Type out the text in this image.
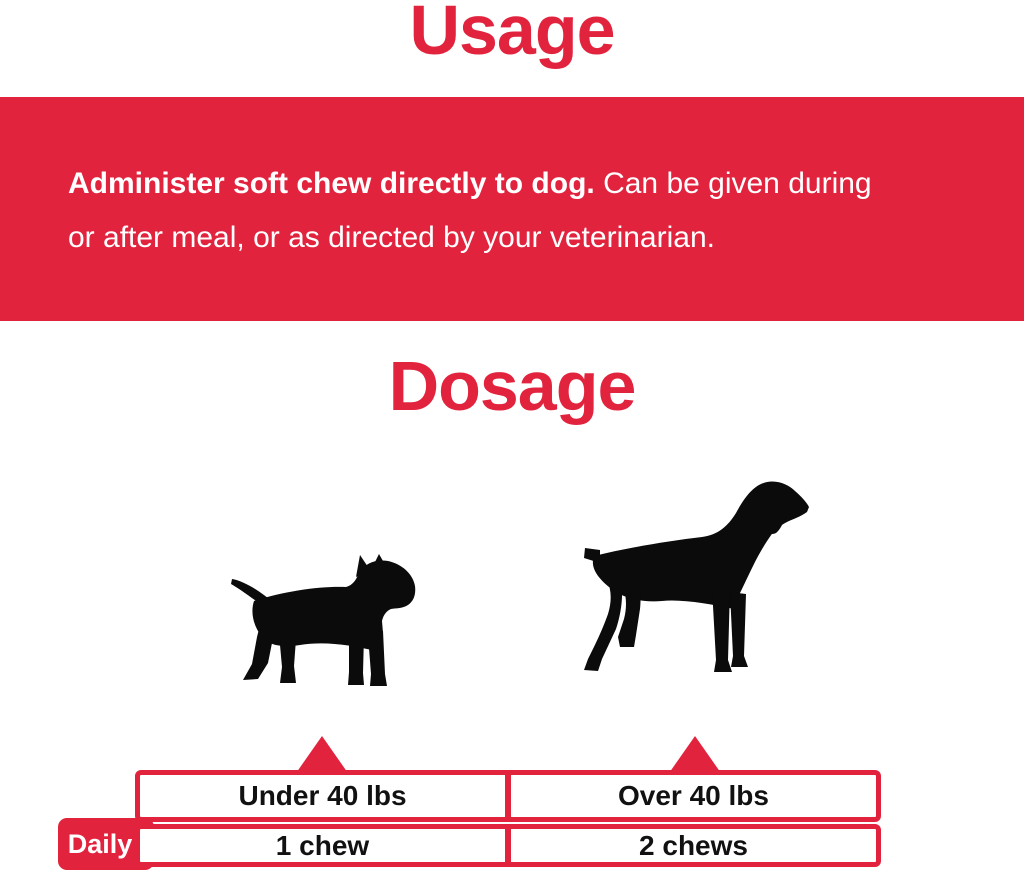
Usage
Administer soft chew directly to dog. Can be given during
or after meal, or as directed by your veterinarian.
Dosage
Daily
Under 40 lbs	Over 40 lbs
1 chew	2 chews
